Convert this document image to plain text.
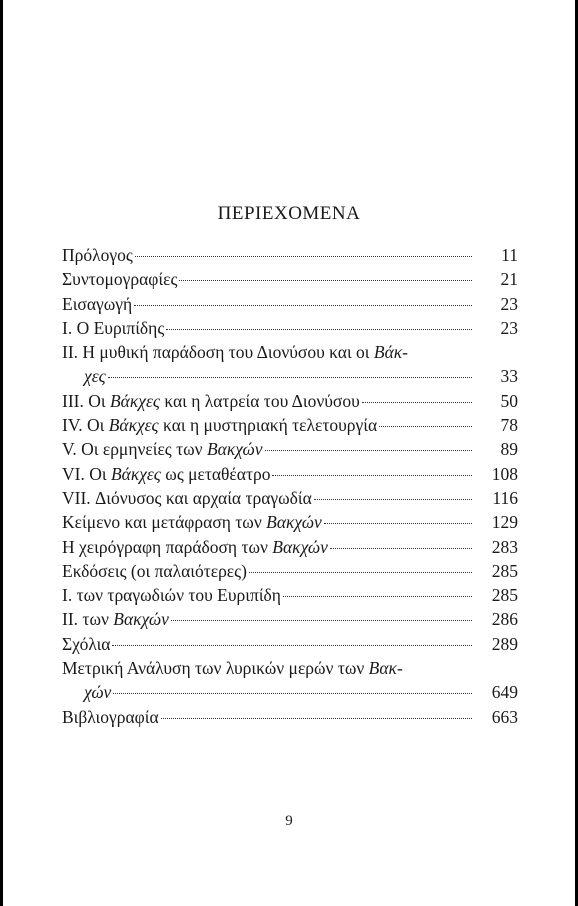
ΠΕΡΙΕΧΟΜΕΝΑ
Πρόλογος	11
Συντομογραφίες	21
Εισαγωγή	23
Ι. Ο Ευριπίδης	23
ΙΙ. Η μυθική παράδοση του Διονύσου και οι Βάκ-
χες	33
ΙΙΙ. Οι Βάκχες και η λατρεία του Διονύσου	50
IV. Οι Βάκχες και η μυστηριακή τελετουργία	78
V. Οι ερμηνείες των Βακχών	89
VI. Οι Βάκχες ως μεταθέατρο	108
VII. Διόνυσος και αρχαία τραγωδία	116
Κείμενο και μετάφραση των Βακχών	129
Η χειρόγραφη παράδοση των Βακχών	283
Εκδόσεις (οι παλαιότερες)	285
Ι. των τραγωδιών του Ευριπίδη	285
ΙΙ. των Βακχών	286
Σχόλια	289
Μετρική Ανάλυση των λυρικών μερών των Βακ-
χών	649
Βιβλιογραφία	663
9
